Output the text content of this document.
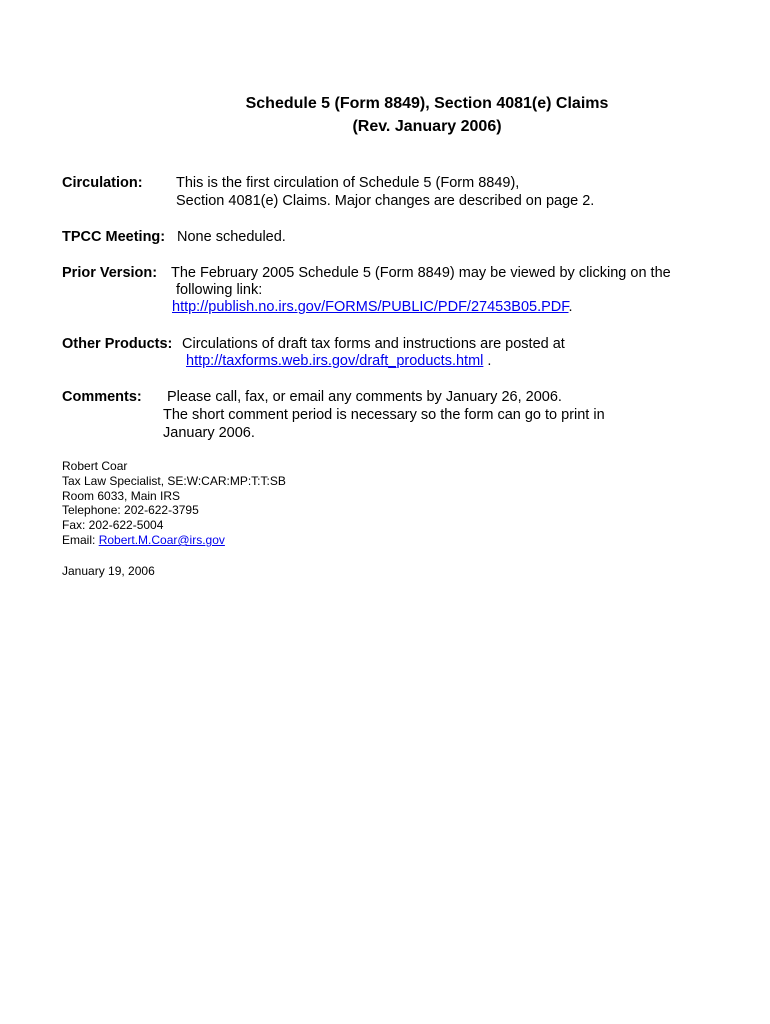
Schedule 5 (Form 8849), Section 4081(e) Claims
(Rev. January 2006)
Circulation: This is the first circulation of Schedule 5 (Form 8849),
Section 4081(e) Claims. Major changes are described on page 2.
TPCC Meeting: None scheduled.
Prior Version: The February 2005 Schedule 5 (Form 8849) may be viewed by clicking on the
following link:
http://publish.no.irs.gov/FORMS/PUBLIC/PDF/27453B05.PDF.
Other Products: Circulations of draft tax forms and instructions are posted at
http://taxforms.web.irs.gov/draft_products.html .
Comments: Please call, fax, or email any comments by January 26, 2006.
The short comment period is necessary so the form can go to print in
January 2006.
Robert Coar
Tax Law Specialist, SE:W:CAR:MP:T:T:SB
Room 6033, Main IRS
Telephone: 202-622-3795
Fax: 202-622-5004
Email: Robert.M.Coar@irs.gov
January 19, 2006
